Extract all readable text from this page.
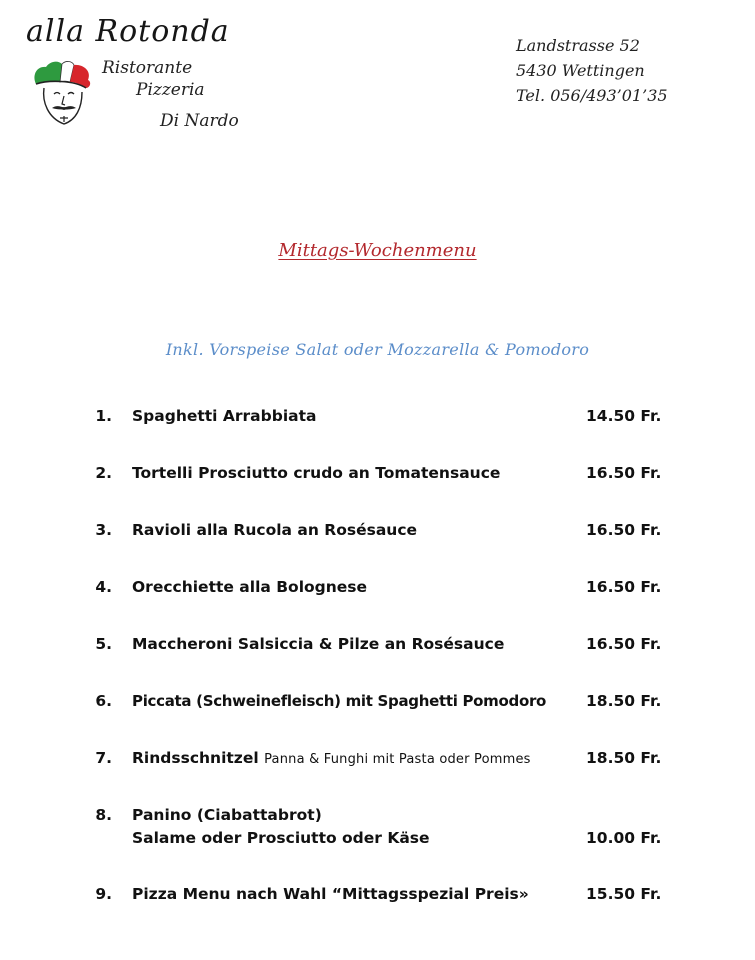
alla Rotonda
Ristorante
Pizzeria
Di Nardo
Landstrasse 52
5430 Wettingen
Tel. 056/493’01’35
Mittags-Wochenmenu
Inkl. Vorspeise Salat oder Mozzarella & Pomodoro
1. Spaghetti Arrabbiata	14.50 Fr.
2. Tortelli Prosciutto crudo an Tomatensauce	16.50 Fr.
3. Ravioli alla Rucola an Rosésauce	16.50 Fr.
4. Orecchiette alla Bolognese	16.50 Fr.
5. Maccheroni Salsiccia & Pilze an Rosésauce	16.50 Fr.
6. Piccata (Schweinefleisch) mit Spaghetti Pomodoro	18.50 Fr.
7. Rindsschnitzel Panna & Funghi mit Pasta oder Pommes	18.50 Fr.
8. Panino (Ciabattabrot)
Salame oder Prosciutto oder Käse	10.00 Fr.
9. Pizza Menu nach Wahl “Mittagsspezial Preis»	15.50 Fr.
